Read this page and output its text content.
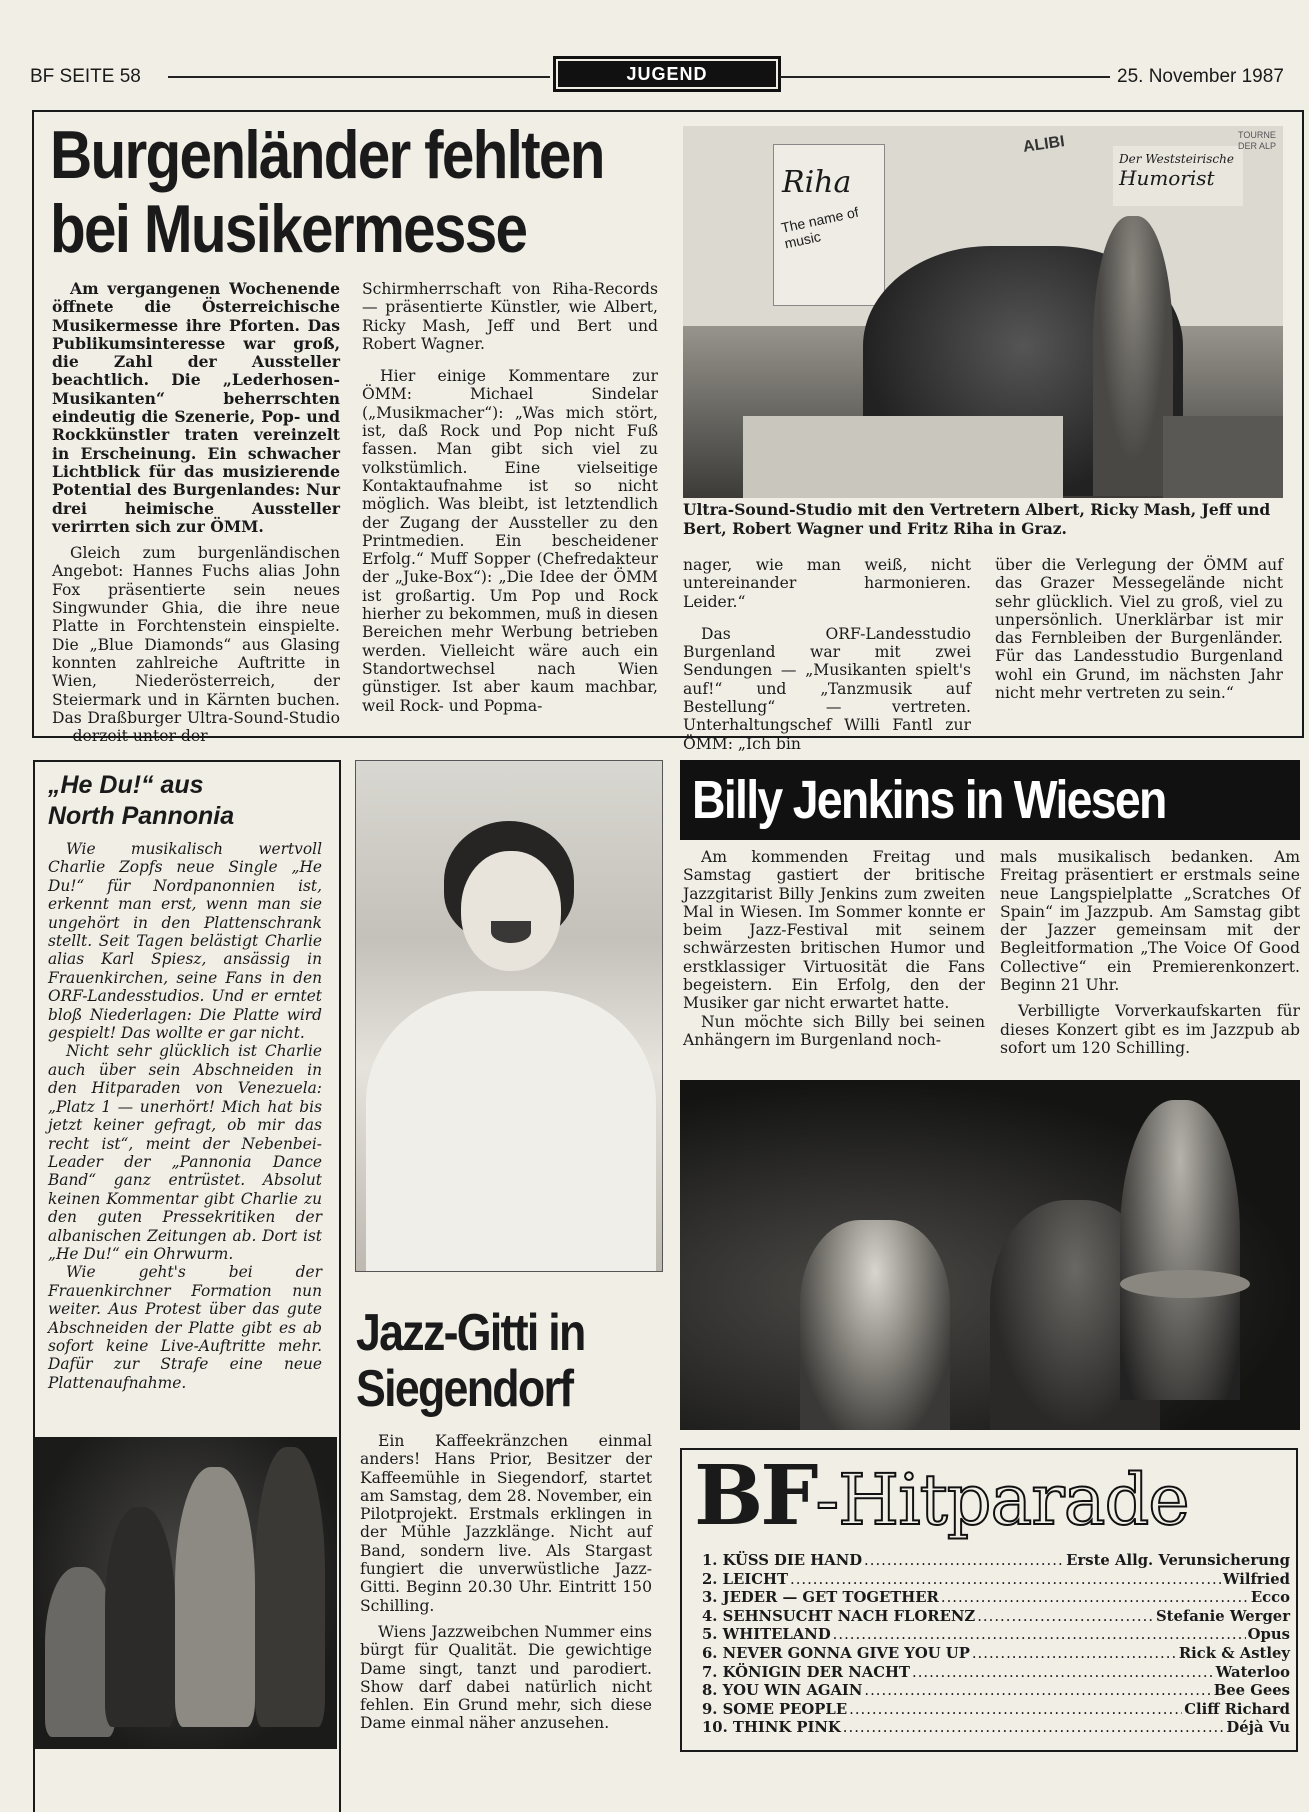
BF SEITE 58	JUGEND	25. November 1987
Burgenländer fehlten
bei Musikermesse

Am vergangenen Wochenende öffnete die Österreichische Musikermesse ihre Pforten. Das Publikumsinteresse war groß, die Zahl der Aussteller beachtlich. Die „Lederhosen-Musikanten“ beherrschten eindeutig die Szenerie, Pop- und Rockkünstler traten vereinzelt in Erscheinung. Ein schwacher Lichtblick für das musizierende Potential des Burgenlandes: Nur drei heimische Aussteller verirrten sich zur ÖMM.

Gleich zum burgenländischen Angebot: Hannes Fuchs alias John Fox präsentierte sein neues Singwunder Ghia, die ihre neue Platte in Forchtenstein einspielte. Die „Blue Diamonds“ aus Glasing konnten zahlreiche Auftritte in Wien, Niederösterreich, der Steiermark und in Kärnten buchen. Das Draßburger Ultra-Sound-Studio — derzeit unter der

Schirmherrschaft von Riha-Records — präsentierte Künstler, wie Albert, Ricky Mash, Jeff und Bert und Robert Wagner.

Hier einige Kommentare zur ÖMM: Michael Sindelar („Musikmacher“): „Was mich stört, ist, daß Rock und Pop nicht Fuß fassen. Man gibt sich viel zu volkstümlich. Eine vielseitige Kontaktaufnahme ist so nicht möglich. Was bleibt, ist letztendlich der Zugang der Aussteller zu den Printmedien. Ein bescheidener Erfolg.“ Muff Sopper (Chefredakteur der „Juke-Box“): „Die Idee der ÖMM ist großartig. Um Pop und Rock hierher zu bekommen, muß in diesen Bereichen mehr Werbung betrieben werden. Vielleicht wäre auch ein Standortwechsel nach Wien günstiger. Ist aber kaum machbar, weil Rock- und Popma-

Riha
The name of music
ALIBI
Der Weststeirische
Humorist
TOURNE DER ALP
Ultra-Sound-Studio mit den Vertretern Albert, Ricky Mash, Jeff und Bert, Robert Wagner und Fritz Riha in Graz.

nager, wie man weiß, nicht untereinander harmonieren. Leider.“

Das ORF-Landesstudio Burgenland war mit zwei Sendungen — „Musikanten spielt's auf!“ und „Tanzmusik auf Bestellung“ — vertreten. Unterhaltungschef Willi Fantl zur ÖMM: „Ich bin

über die Verlegung der ÖMM auf das Grazer Messegelände nicht sehr glücklich. Viel zu groß, viel zu unpersönlich. Unerklärbar ist mir das Fernbleiben der Burgenländer. Für das Landesstudio Burgenland wohl ein Grund, im nächsten Jahr nicht mehr vertreten zu sein.“

„He Du!“ aus
North Pannonia

Wie musikalisch wertvoll Charlie Zopfs neue Single „He Du!“ für Nordpanonnien ist, erkennt man erst, wenn man sie ungehört in den Plattenschrank stellt. Seit Tagen belästigt Charlie alias Karl Spiesz, ansässig in Frauenkirchen, seine Fans in den ORF-Landesstudios. Und er erntet bloß Niederlagen: Die Platte wird gespielt! Das wollte er gar nicht.

Nicht sehr glücklich ist Charlie auch über sein Abschneiden in den Hitparaden von Venezuela: „Platz 1 — unerhört! Mich hat bis jetzt keiner gefragt, ob mir das recht ist“, meint der Nebenbei-Leader der „Pannonia Dance Band“ ganz entrüstet. Absolut keinen Kommentar gibt Charlie zu den guten Pressekritiken der albanischen Zeitungen ab. Dort ist „He Du!“ ein Ohrwurm.

Wie geht's bei der Frauenkirchner Formation nun weiter. Aus Protest über das gute Abschneiden der Platte gibt es ab sofort keine Live-Auftritte mehr. Dafür zur Strafe eine neue Plattenaufnahme.

Jazz-Gitti in
Siegendorf

Ein Kaffeekränzchen einmal anders! Hans Prior, Besitzer der Kaffeemühle in Siegendorf, startet am Samstag, dem 28. November, ein Pilotprojekt. Erstmals erklingen in der Mühle Jazzklänge. Nicht auf Band, sondern live. Als Stargast fungiert die unverwüstliche Jazz-Gitti. Beginn 20.30 Uhr. Eintritt 150 Schilling.

Wiens Jazzweibchen Nummer eins bürgt für Qualität. Die gewichtige Dame singt, tanzt und parodiert. Show darf dabei natürlich nicht fehlen. Ein Grund mehr, sich diese Dame einmal näher anzusehen.

Billy Jenkins in Wiesen

Am kommenden Freitag und Samstag gastiert der britische Jazzgitarist Billy Jenkins zum zweiten Mal in Wiesen. Im Sommer konnte er beim Jazz-Festival mit seinem schwärzesten britischen Humor und erstklassiger Virtuosität die Fans begeistern. Ein Erfolg, den der Musiker gar nicht erwartet hatte.

Nun möchte sich Billy bei seinen Anhängern im Burgenland noch-

mals musikalisch bedanken. Am Freitag präsentiert er erstmals seine neue Langspielplatte „Scratches Of Spain“ im Jazzpub. Am Samstag gibt der Jazzer gemeinsam mit der Begleitformation „The Voice Of Good Collective“ ein Premierenkonzert. Beginn 21 Uhr.

Verbilligte Vorverkaufskarten für dieses Konzert gibt es im Jazzpub ab sofort um 120 Schilling.

BF-Hitparade
1. KÜSS DIE HAND .....	Erste Allg. Verunsicherung
2. LEICHT .....	Wilfried
3. JEDER — GET TOGETHER .....	Ecco
4. SEHNSUCHT NACH FLORENZ .....	Stefanie Werger
5. WHITELAND .....	Opus
6. NEVER GONNA GIVE YOU UP .....	Rick & Astley
7. KÖNIGIN DER NACHT .....	Waterloo
8. YOU WIN AGAIN .....	Bee Gees
9. SOME PEOPLE .....	Cliff Richard
10. THINK PINK .....	Déjà Vu
